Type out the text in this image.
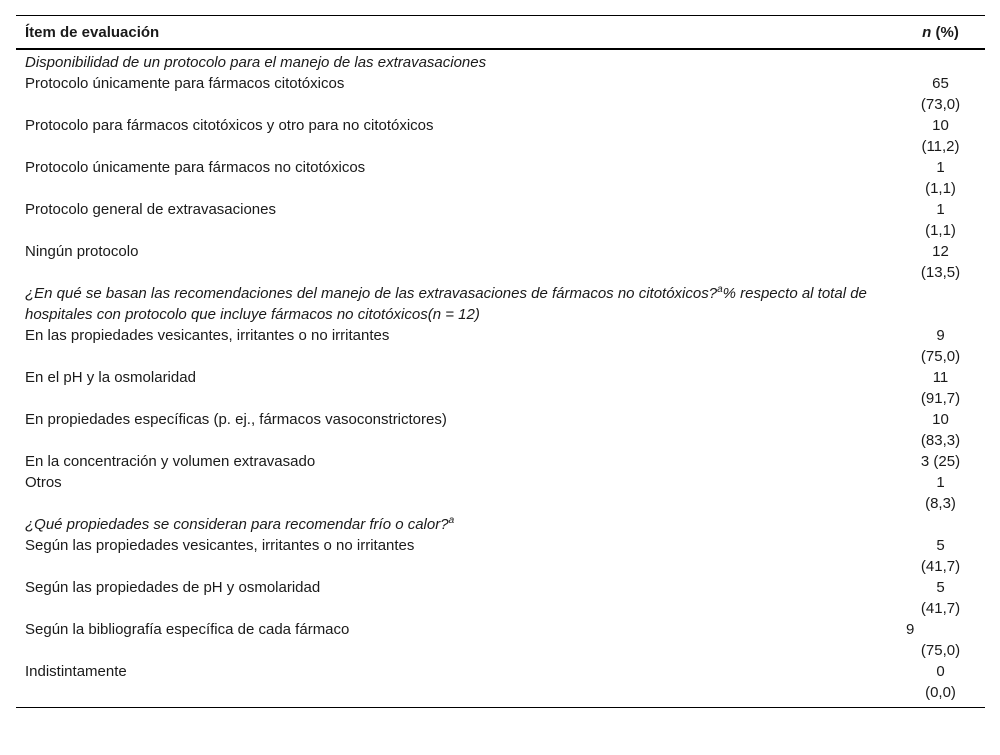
Ítem de evaluación	n (%)
Disponibilidad de un protocolo para el manejo de las extravasaciones	
Protocolo únicamente para fármacos citotóxicos	65
(73,0)

Protocolo para fármacos citotóxicos y otro para no citotóxicos	10
(11,2)

Protocolo únicamente para fármacos no citotóxicos	1
(1,1)

Protocolo general de extravasaciones	1
(1,1)

Ningún protocolo	12
(13,5)

¿En qué se basan las recomendaciones del manejo de las extravasaciones de fármacos no citotóxicos?$^a$% respecto al total de hospitales con protocolo que incluye fármacos no citotóxicos(n = 12)	
En las propiedades vesicantes, irritantes o no irritantes	9
(75,0)

En el pH y la osmolaridad	11
(91,7)

En propiedades específicas (p. ej., fármacos vasoconstrictores)	10
(83,3)

En la concentración y volumen extravasado	3 (25)
Otros	1
(8,3)

¿Qué propiedades se consideran para recomendar frío o calor?$^a$
Según las propiedades vesicantes, irritantes o no irritantes	5
(41,7)

Según las propiedades de pH y osmolaridad	5
(41,7)

Según la bibliografía específica de cada fármaco	9
(75,0)

Indistintamente	0
(0,0)
